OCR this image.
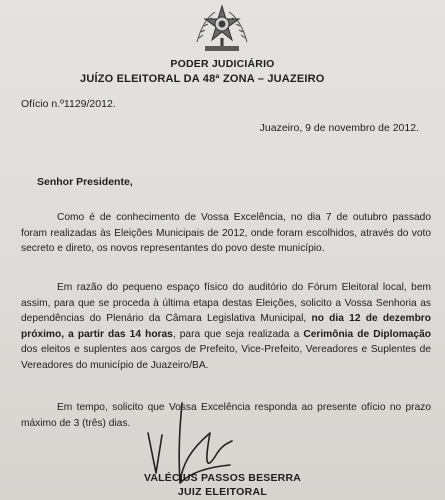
PODER JUDICIÁRIO
JUÍZO ELEITORAL DA 48ª ZONA – JUAZEIRO
Ofício n.º1129/2012.
Juazeiro, 9 de novembro de 2012.
Senhor Presidente,
Como é de conhecimento de Vossa Excelência, no dia 7 de outubro passado foram realizadas às Eleições Municipais de 2012, onde foram escolhidos, através do voto secreto e direto, os novos representantes do povo deste município.
Em razão do pequeno espaço físico do auditório do Fórum Eleitoral local, bem assim, para que se proceda à última etapa destas Eleições, solicito a Vossa Senhoria as dependências do Plenário da Câmara Legislativa Municipal, no dia 12 de dezembro próximo, a partir das 14 horas, para que seja realizada a Cerimônia de Diplomação dos eleitos e suplentes aos cargos de Prefeito, Vice-Prefeito, Vereadores e Suplentes de Vereadores do município de Juazeiro/BA.
Em tempo, solicito que Vossa Excelência responda ao presente ofício no prazo máximo de 3 (três) dias.
VALÉCIUS PASSOS BESERRA
JUIZ ELEITORAL
